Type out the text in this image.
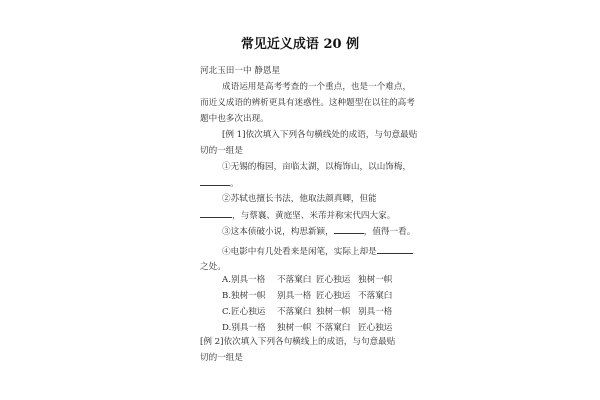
常见近义成语 20 例
河北玉田一中 静恩星
成语运用是高考考查的一个重点，也是一个难点，
而近义成语的辨析更具有迷惑性。这种题型在以往的高考
题中也多次出现。
[例 1]依次填入下列各句横线处的成语，与句意最贴
切的一组是
①无锡的梅园，亩临太湖，以梅饰山，以山饰梅，
。
②苏轼也擅长书法，他取法颜真卿，但能
，与蔡襄、黄庭坚、米芾并称宋代四大家。
③这本侦破小说，构思新颖，	，值得一看。
④电影中有几处看来是闲笔，实际上却是
之处。
A.别具一格 不落窠臼 匠心独运 独树一帜
B.独树一帜 别具一格 匠心独运 不落窠臼
C.匠心独运 不落窠臼 独树一帜 别具一格
D.别具一格 独树一帜 不落窠臼 匠心独运
[例 2]依次填入下列各句横线上的成语，与句意最贴
切的一组是
